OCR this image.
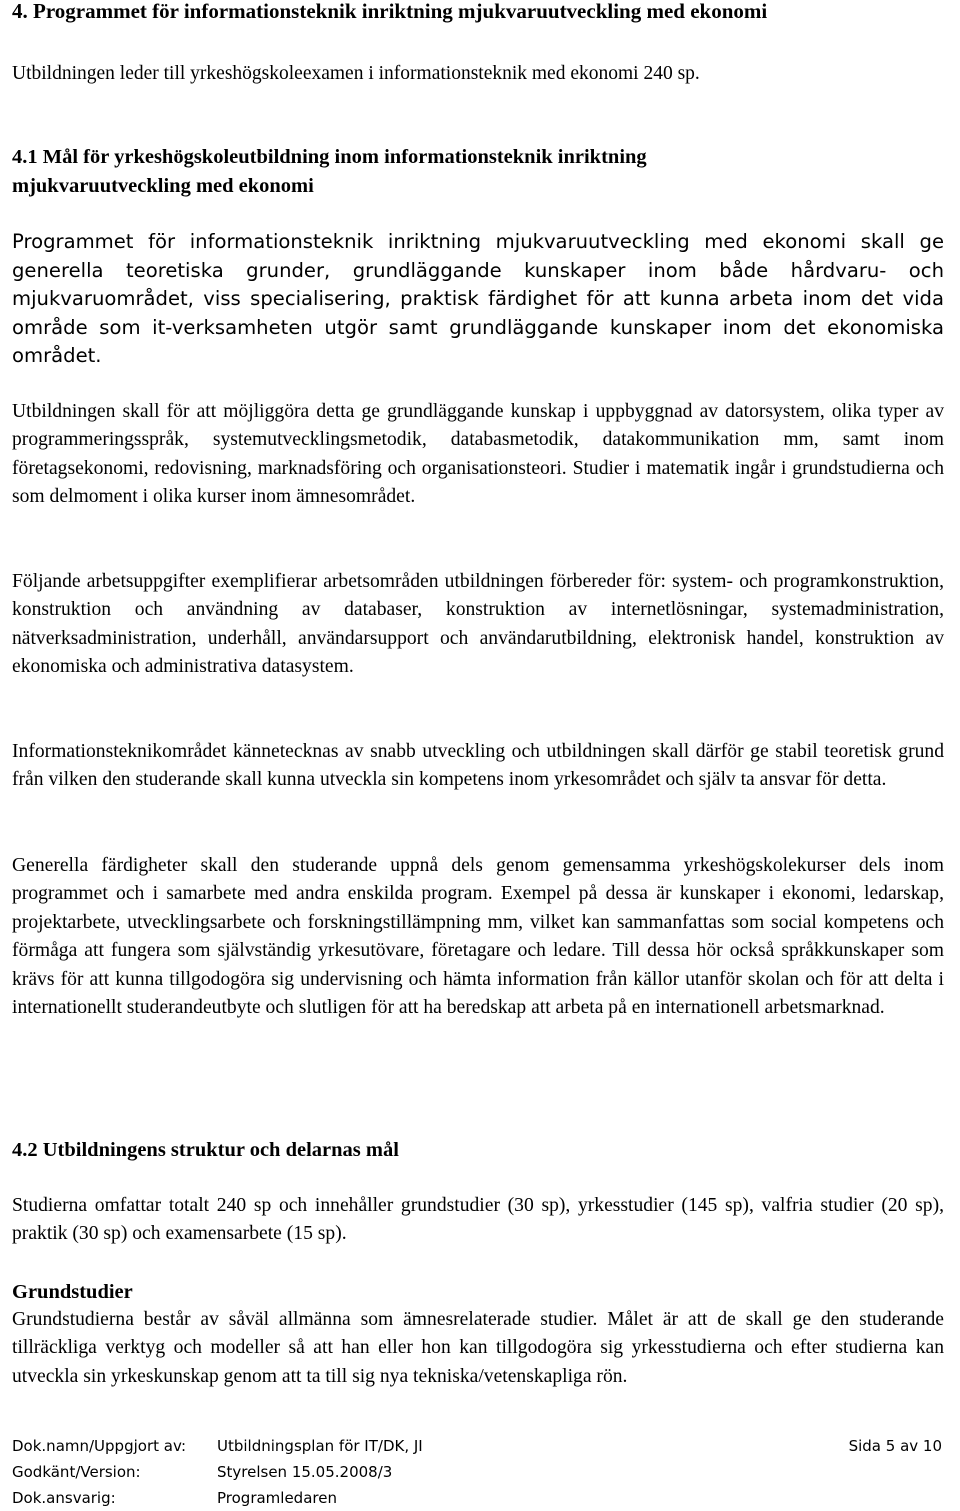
4. Programmet för informationsteknik inriktning mjukvaruutveckling med ekonomi

Utbildningen leder till yrkeshögskoleexamen i informationsteknik med ekonomi 240 sp.

4.1 Mål för yrkeshögskoleutbildning inom informationsteknik inriktning
mjukvaruutveckling med ekonomi

Programmet för informationsteknik inriktning mjukvaruutveckling med ekonomi skall ge generella teoretiska grunder, grundläggande kunskaper inom både hårdvaru- och mjukvaruområdet, viss specialisering, praktisk färdighet för att kunna arbeta inom det vida område som it-verksamheten utgör samt grundläggande kunskaper inom det ekonomiska området.

Utbildningen skall för att möjliggöra detta ge grundläggande kunskap i uppbyggnad av datorsystem, olika typer av programmeringsspråk, systemutvecklingsmetodik, databasmetodik, datakommunikation mm, samt inom företagsekonomi, redovisning, marknadsföring och organisationsteori. Studier i matematik ingår i grundstudierna och som delmoment i olika kurser inom ämnesområdet.

Följande arbetsuppgifter exemplifierar arbetsområden utbildningen förbereder för: system- och programkonstruktion, konstruktion och användning av databaser, konstruktion av internetlösningar, systemadministration, nätverksadministration, underhåll, användarsupport och användarutbildning, elektronisk handel, konstruktion av ekonomiska och administrativa datasystem.

Informationsteknikområdet kännetecknas av snabb utveckling och utbildningen skall därför ge stabil teoretisk grund från vilken den studerande skall kunna utveckla sin kompetens inom yrkesområdet och själv ta ansvar för detta.

Generella färdigheter skall den studerande uppnå dels genom gemensamma yrkeshögskolekurser dels inom programmet och i samarbete med andra enskilda program. Exempel på dessa är kunskaper i ekonomi, ledarskap, projektarbete, utvecklingsarbete och forskningstillämpning mm, vilket kan sammanfattas som social kompetens och förmåga att fungera som självständig yrkesutövare, företagare och ledare. Till dessa hör också språkkunskaper som krävs för att kunna tillgodogöra sig undervisning och hämta information från källor utanför skolan och för att delta i internationellt studerandeutbyte och slutligen för att ha beredskap att arbeta på en internationell arbetsmarknad.

4.2 Utbildningens struktur och delarnas mål

Studierna omfattar totalt 240 sp och innehåller grundstudier (30 sp), yrkesstudier (145 sp), valfria studier (20 sp), praktik (30 sp) och examensarbete (15 sp).

Grundstudier

Grundstudierna består av såväl allmänna som ämnesrelaterade studier. Målet är att de skall ge den studerande tillräckliga verktyg och modeller så att han eller hon kan tillgodogöra sig yrkesstudierna och efter studierna kan utveckla sin yrkeskunskap genom att ta till sig nya tekniska/vetenskapliga rön.

Dok.namn/Uppgjort av: Utbildningsplan för IT/DK, JI	Sida 5 av 10
Godkänt/Version:	Styrelsen 15.05.2008/3
Dok.ansvarig:	Programledaren
